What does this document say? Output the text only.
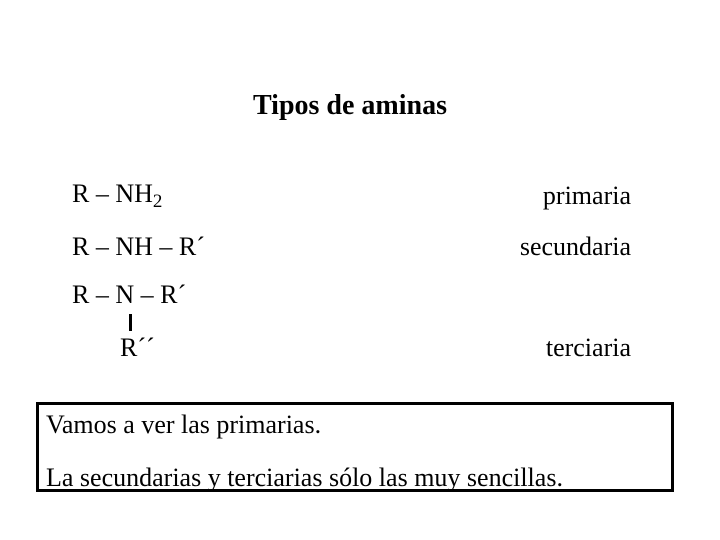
Tipos de aminas
R – $NH_2$	primaria
R – NH – R´	secundaria
R – N – R´
R´´	terciaria
Vamos a ver las primarias.
La secundarias y terciarias sólo las muy sencillas.
